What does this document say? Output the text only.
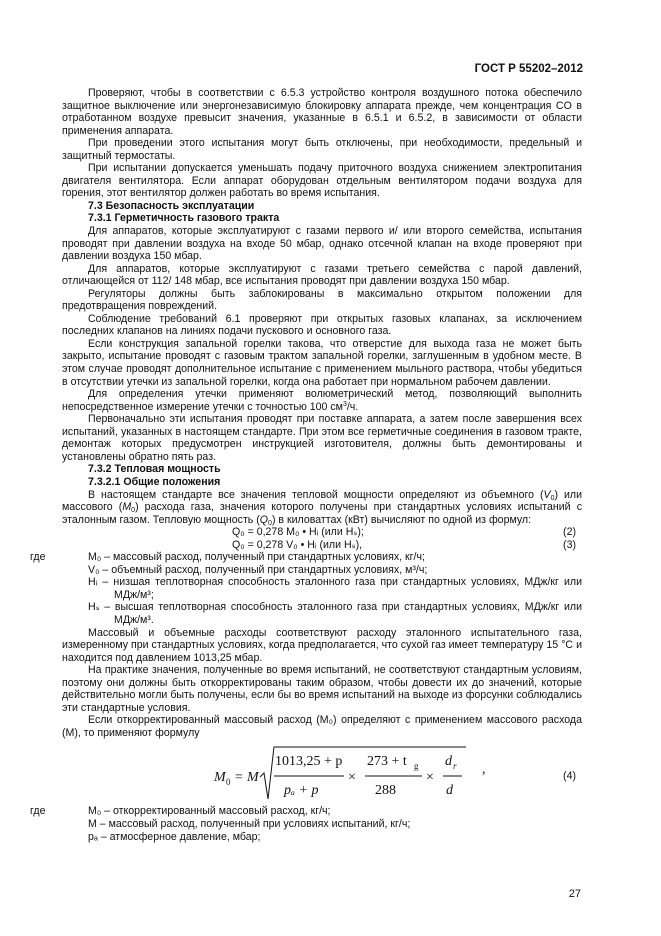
ГОСТ Р 55202–2012

Проверяют, чтобы в соответствии с 6.5.3 устройство контроля воздушного потока обеспечило защитное выключение или энергонезависимую блокировку аппарата прежде, чем концентрация CO в отработанном воздухе превысит значения, указанные в 6.5.1 и 6.5.2, в зависимости от области применения аппарата.

При проведении этого испытания могут быть отключены, при необходимости, предельный и защитный термостаты.

При испытании допускается уменьшать подачу приточного воздуха снижением электропитания двигателя вентилятора. Если аппарат оборудован отдельным вентилятором подачи воздуха для горения, этот вентилятор должен работать во время испытания.

7.3 Безопасность эксплуатации

7.3.1 Герметичность газового тракта

Для аппаратов, которые эксплуатируют с газами первого и/ или второго семейства, испытания проводят при давлении воздуха на входе 50 мбар, однако отсечной клапан на входе проверяют при давлении воздуха 150 мбар.

Для аппаратов, которые эксплуатируют с газами третьего семейства с парой давлений, отличающейся от 112/ 148 мбар, все испытания проводят при давлении воздуха 150 мбар.

Регуляторы должны быть заблокированы в максимально открытом положении для предотвращения повреждений.

Соблюдение требований 6.1 проверяют при открытых газовых клапанах, за исключением последних клапанов на линиях подачи пускового и основного газа.

Если конструкция запальной горелки такова, что отверстие для выхода газа не может быть закрыто, испытание проводят с газовым трактом запальной горелки, заглушенным в удобном месте. В этом случае проводят дополнительное испытание с применением мыльного раствора, чтобы убедиться в отсутствии утечки из запальной горелки, когда она работает при нормальном рабочем давлении.

Для определения утечки применяют волюметрический метод, позволяющий выполнить непосредственное измерение утечки с точностью 100 $см^3/ч$.

Первоначально эти испытания проводят при поставке аппарата, а затем после завершения всех испытаний, указанных в настоящем стандарте. При этом все герметичные соединения в газовом тракте, демонтаж которых предусмотрен инструкцией изготовителя, должны быть демонтированы и установлены обратно пять раз.

7.3.2 Тепловая мощность

7.3.2.1 Общие положения

В настоящем стандарте все значения тепловой мощности определяют из объемного $(V_0)$ или массового $(M_0)$ расхода газа, значения которого получены при стандартных условиях испытаний с эталонным газом. Тепловую мощность $(Q_0)$ в киловаттах (кВт) вычисляют по одной из формул:

Q₀ = 0,278 M₀ • Hᵢ (или Hₛ);	(2)
Q₀ = 0,278 V₀ • Hᵢ (или Hₛ),	(3)
где	M₀ – массовый расход, полученный при стандартных условиях, кг/ч;

V₀ – объемный расход, полученный при стандартных условиях, м³/ч;

Hᵢ – низшая теплотворная способность эталонного газа при стандартных условиях, МДж/кг или МДж/м³;

Hₛ – высшая теплотворная способность эталонного газа при стандартных условиях, МДж/кг или МДж/м³.

Массовый и объемные расходы соответствуют расходу эталонного испытательного газа, измеренному при стандартных условиях, когда предполагается, что сухой газ имеет температуру 15 °С и находится под давлением 1013,25 мбар.

На практике значения, полученные во время испытаний, не соответствуют стандартным условиям, поэтому они должны быть откорректированы таким образом, чтобы довести их до значений, которые действительно могли быть получены, если бы во время испытаний на выходе из форсунки соблюдались эти стандартные условия.

Если откорректированный массовый расход (M₀) определяют с применением массового расхода (M), то применяют формулу

M 0 = M
1013,25 + p
pₐ + p
×
273 + t g
288
×
d r
d
,	(4)
где	M₀ – откорректированный массовый расход, кг/ч;

M – массовый расход, полученный при условиях испытаний, кг/ч;

pₐ – атмосферное давление, мбар;

27
